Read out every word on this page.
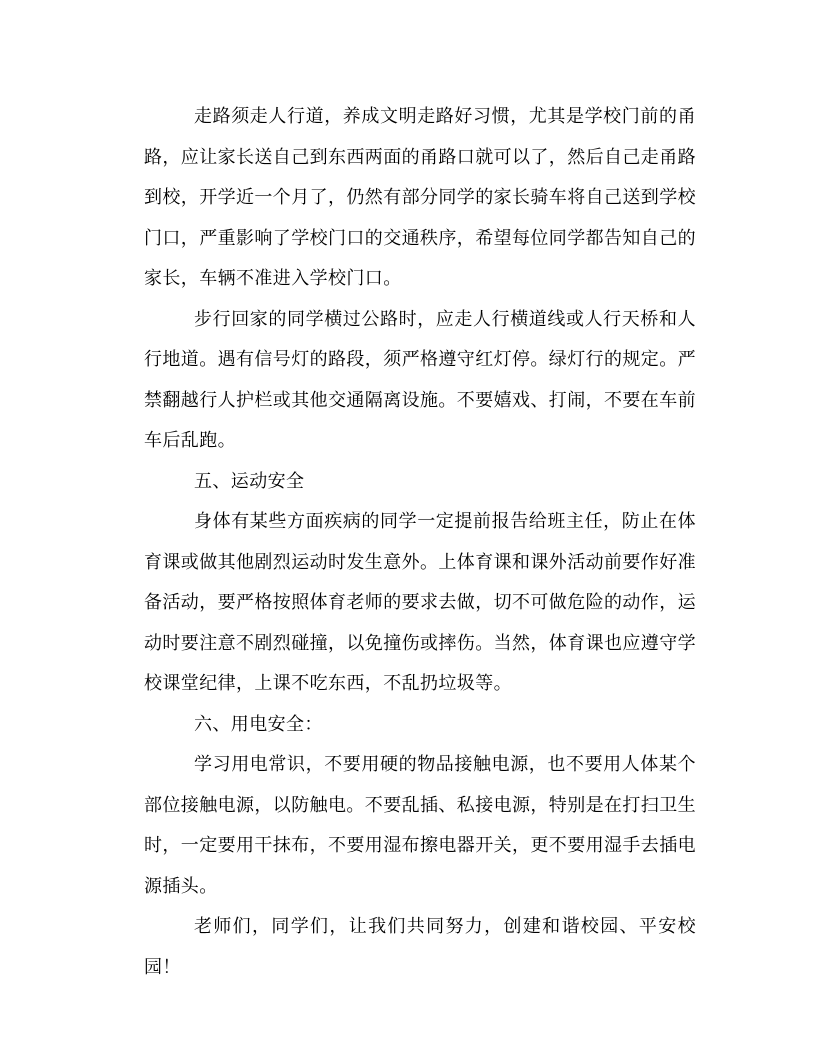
走路须走人行道，养成文明走路好习惯，尤其是学校门前的甬路，应让家长送自己到东西两面的甬路口就可以了，然后自己走甬路到校，开学近一个月了，仍然有部分同学的家长骑车将自己送到学校门口，严重影响了学校门口的交通秩序，希望每位同学都告知自己的家长，车辆不准进入学校门口。

步行回家的同学横过公路时，应走人行横道线或人行天桥和人行地道。遇有信号灯的路段，须严格遵守红灯停。绿灯行的规定。严禁翻越行人护栏或其他交通隔离设施。不要嬉戏、打闹，不要在车前车后乱跑。

五、运动安全

身体有某些方面疾病的同学一定提前报告给班主任，防止在体育课或做其他剧烈运动时发生意外。上体育课和课外活动前要作好准备活动，要严格按照体育老师的要求去做，切不可做危险的动作，运动时要注意不剧烈碰撞，以免撞伤或摔伤。当然，体育课也应遵守学校课堂纪律，上课不吃东西，不乱扔垃圾等。

六、用电安全：

学习用电常识，不要用硬的物品接触电源，也不要用人体某个部位接触电源，以防触电。不要乱插、私接电源，特别是在打扫卫生时，一定要用干抹布，不要用湿布擦电器开关，更不要用湿手去插电源插头。

老师们，同学们，让我们共同努力，创建和谐校园、平安校园！
